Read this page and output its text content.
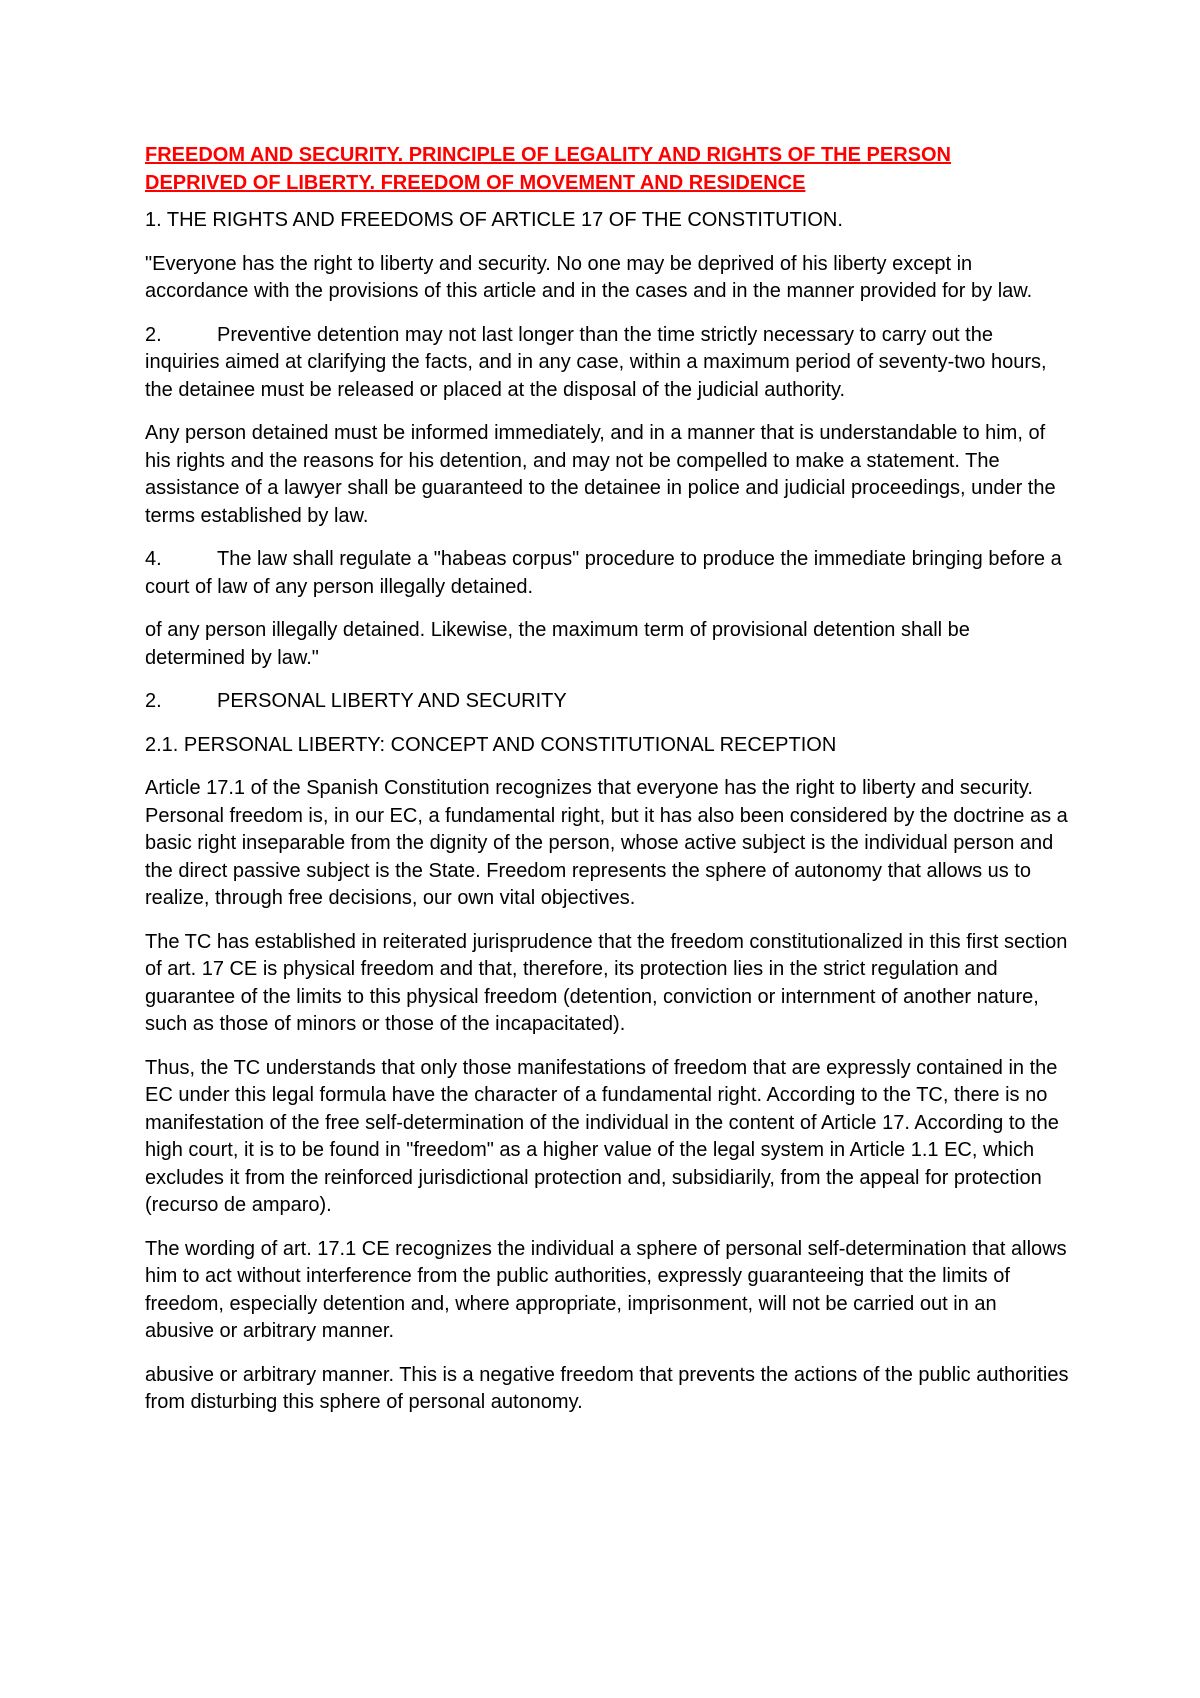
FREEDOM AND SECURITY. PRINCIPLE OF LEGALITY AND RIGHTS OF THE PERSON
DEPRIVED OF LIBERTY. FREEDOM OF MOVEMENT AND RESIDENCE

1. THE RIGHTS AND FREEDOMS OF ARTICLE 17 OF THE CONSTITUTION.

"Everyone has the right to liberty and security. No one may be deprived of his liberty except in accordance with the provisions of this article and in the cases and in the manner provided for by law.

2.	Preventive detention may not last longer than the time strictly necessary to carry out the inquiries aimed at clarifying the facts, and in any case, within a maximum period of seventy-two hours, the detainee must be released or placed at the disposal of the judicial authority.

Any person detained must be informed immediately, and in a manner that is understandable to him, of his rights and the reasons for his detention, and may not be compelled to make a statement. The assistance of a lawyer shall be guaranteed to the detainee in police and judicial proceedings, under the terms established by law.

4.	The law shall regulate a "habeas corpus" procedure to produce the immediate bringing before a court of law of any person illegally detained.

of any person illegally detained. Likewise, the maximum term of provisional detention shall be determined by law."

2.	PERSONAL LIBERTY AND SECURITY

2.1. PERSONAL LIBERTY: CONCEPT AND CONSTITUTIONAL RECEPTION

Article 17.1 of the Spanish Constitution recognizes that everyone has the right to liberty and security. Personal freedom is, in our EC, a fundamental right, but it has also been considered by the doctrine as a basic right inseparable from the dignity of the person, whose active subject is the individual person and the direct passive subject is the State. Freedom represents the sphere of autonomy that allows us to realize, through free decisions, our own vital objectives.

The TC has established in reiterated jurisprudence that the freedom constitutionalized in this first section of art. 17 CE is physical freedom and that, therefore, its protection lies in the strict regulation and guarantee of the limits to this physical freedom (detention, conviction or internment of another nature, such as those of minors or those of the incapacitated).

Thus, the TC understands that only those manifestations of freedom that are expressly contained in the EC under this legal formula have the character of a fundamental right. According to the TC, there is no manifestation of the free self-determination of the individual in the content of Article 17. According to the high court, it is to be found in "freedom" as a higher value of the legal system in Article 1.1 EC, which excludes it from the reinforced jurisdictional protection and, subsidiarily, from the appeal for protection (recurso de amparo).

The wording of art. 17.1 CE recognizes the individual a sphere of personal self-determination that allows him to act without interference from the public authorities, expressly guaranteeing that the limits of freedom, especially detention and, where appropriate, imprisonment, will not be carried out in an abusive or arbitrary manner.

abusive or arbitrary manner. This is a negative freedom that prevents the actions of the public authorities from disturbing this sphere of personal autonomy.
